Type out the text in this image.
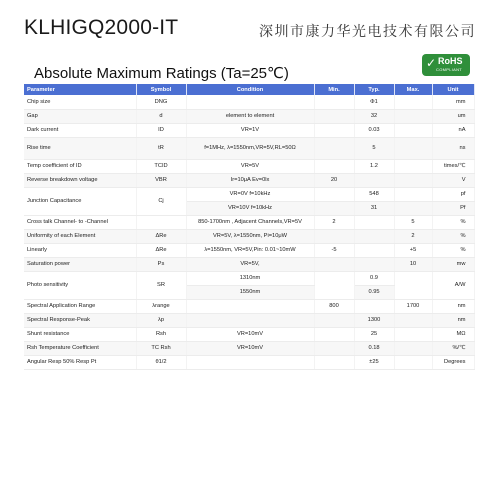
KLHIGQ2000-IT	深圳市康力华光电技术有限公司
Absolute Maximum Ratings (Ta=25℃)
✓ RoHS
COMPLIANT
Parameter	Symbol	Condition	Min.	Typ.	Max.	Unit
Chip size	DNG			Φ1		mm
Gap	d	element to element		32		um
Dark current	ID	VR=1V		0.03		nA
Rise time	tR	f=1MHz, λ=1550nm,VR=5V,RL=50Ω		5		ns
Temp coefficient of ID	TCID	VR=5V		1.2		times/℃
Reverse breakdown voltage	VBR	Ir=10μA Ev=0lx	20			V
Junction Capacitance	Cj	VR=0V f=10kHz		548		pf
		VR=10V f=10kHz		31		Pf
Cross talk Channel- to -Channel		850-1700nm , Adjacent Channels,VR=5V	2		5	%
Uniformity of each Element	ΔRe	VR=5V, λ=1550nm, Pi=10μW			2	%
Linearly	ΔRe	λ=1550nm, VR=5V,Pin: 0.01~10mW	-5		+5	%
Saturation power	Ps	VR=5V,			10	mw
Photo sensitivity	SR	1310nm		0.9		A/W
		1550nm		0.95		
Spectral Application Range	λrange		800		1700	nm
Spectral Response-Peak	λp			1300		nm
Shunt resistance	Rsh	VR=10mV		25		MΩ
Rsh Temperature Coefficient	TC Rsh	VR=10mV		0.18		%/℃
Angular Resp 50% Resp Pt	θ1/2			±25		Degrees
